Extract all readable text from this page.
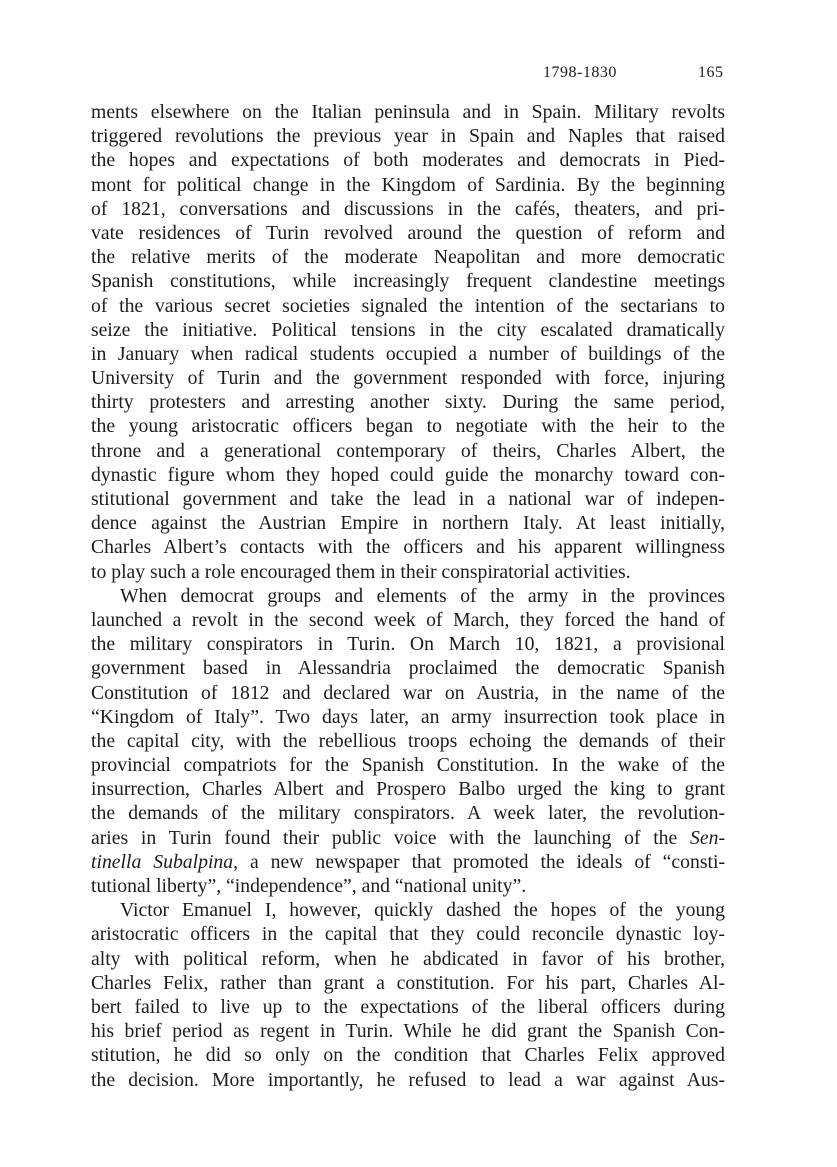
1798-1830	165
ments elsewhere on the Italian peninsula and in Spain. Military revolts
triggered revolutions the previous year in Spain and Naples that raised
the hopes and expectations of both moderates and democrats in Pied-
mont for political change in the Kingdom of Sardinia. By the beginning
of 1821, conversations and discussions in the cafés, theaters, and pri-
vate residences of Turin revolved around the question of reform and
the relative merits of the moderate Neapolitan and more democratic
Spanish constitutions, while increasingly frequent clandestine meetings
of the various secret societies signaled the intention of the sectarians to
seize the initiative. Political tensions in the city escalated dramatically
in January when radical students occupied a number of buildings of the
University of Turin and the government responded with force, injuring
thirty protesters and arresting another sixty. During the same period,
the young aristocratic officers began to negotiate with the heir to the
throne and a generational contemporary of theirs, Charles Albert, the
dynastic figure whom they hoped could guide the monarchy toward con-
stitutional government and take the lead in a national war of indepen-
dence against the Austrian Empire in northern Italy. At least initially,
Charles Albert’s contacts with the officers and his apparent willingness
to play such a role encouraged them in their conspiratorial activities.
When democrat groups and elements of the army in the provinces
launched a revolt in the second week of March, they forced the hand of
the military conspirators in Turin. On March 10, 1821, a provisional
government based in Alessandria proclaimed the democratic Spanish
Constitution of 1812 and declared war on Austria, in the name of the
“Kingdom of Italy”. Two days later, an army insurrection took place in
the capital city, with the rebellious troops echoing the demands of their
provincial compatriots for the Spanish Constitution. In the wake of the
insurrection, Charles Albert and Prospero Balbo urged the king to grant
the demands of the military conspirators. A week later, the revolution-
aries in Turin found their public voice with the launching of the Sen-
tinella Subalpina, a new newspaper that promoted the ideals of “consti-
tutional liberty”, “independence”, and “national unity”.
Victor Emanuel I, however, quickly dashed the hopes of the young
aristocratic officers in the capital that they could reconcile dynastic loy-
alty with political reform, when he abdicated in favor of his brother,
Charles Felix, rather than grant a constitution. For his part, Charles Al-
bert failed to live up to the expectations of the liberal officers during
his brief period as regent in Turin. While he did grant the Spanish Con-
stitution, he did so only on the condition that Charles Felix approved
the decision. More importantly, he refused to lead a war against Aus-
